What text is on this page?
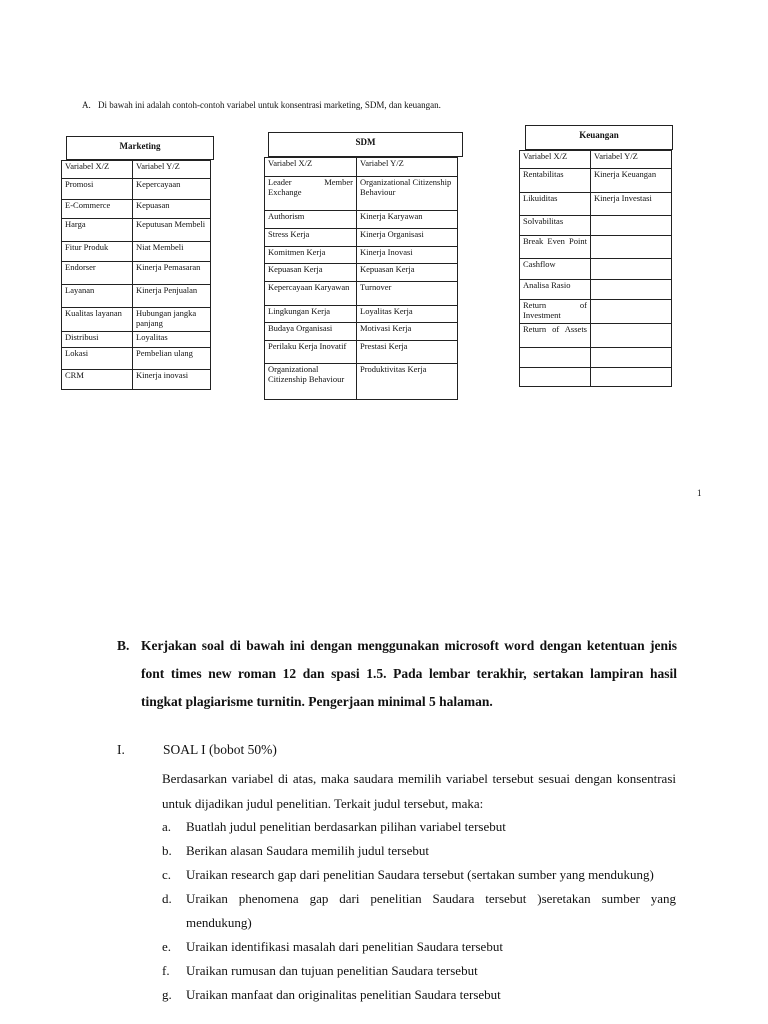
A. Di bawah ini adalah contoh-contoh variabel untuk konsentrasi marketing, SDM, dan keuangan.
Marketing
Variabel X/Z	Variabel Y/Z
Promosi	Kepercayaan
E-Commerce	Kepuasan
Harga	Keputusan Membeli
Fitur Produk	Niat Membeli
Endorser	Kinerja Pemasaran
Layanan	Kinerja Penjualan
Kualitas layanan	Hubungan jangka panjang
Distribusi	Loyalitas
Lokasi	Pembelian ulang
CRM	Kinerja inovasi
SDM
Variabel X/Z	Variabel Y/Z
Leader Member Exchange	Organizational Citizenship Behaviour
Authorism	Kinerja Karyawan
Stress Kerja	Kinerja Organisasi
Komitmen Kerja	Kinerja Inovasi
Kepuasan Kerja	Kepuasan Kerja
Kepercayaan Karyawan	Turnover
Lingkungan Kerja	Loyalitas Kerja
Budaya Organisasi	Motivasi Kerja
Perilaku Kerja Inovatif	Prestasi Kerja
Organizational Citizenship Behaviour	Produktivitas Kerja
Keuangan
Variabel X/Z	Variabel Y/Z
Rentabilitas	Kinerja Keuangan
Likuiditas	Kinerja Investasi
Solvabilitas	
Break Even Point	
Cashflow	
Analisa Rasio	
Return of Investment	
Return of Assets	

1
B. Kerjakan soal di bawah ini dengan menggunakan microsoft word dengan ketentuan jenis font times new roman 12 dan spasi 1.5. Pada lembar terakhir, sertakan lampiran hasil tingkat plagiarisme turnitin. Pengerjaan minimal 5 halaman.
I.	SOAL I (bobot 50%)
Berdasarkan variabel di atas, maka saudara memilih variabel tersebut sesuai dengan konsentrasi untuk dijadikan judul penelitian. Terkait judul tersebut, maka:
a. Buatlah judul penelitian berdasarkan pilihan variabel tersebut
b. Berikan alasan Saudara memilih judul tersebut
c. Uraikan research gap dari penelitian Saudara tersebut (sertakan sumber yang mendukung)
d. Uraikan phenomena gap dari penelitian Saudara tersebut )seretakan sumber yang mendukung)
e. Uraikan identifikasi masalah dari penelitian Saudara tersebut
f. Uraikan rumusan dan tujuan penelitian Saudara tersebut
g. Uraikan manfaat dan originalitas penelitian Saudara tersebut
